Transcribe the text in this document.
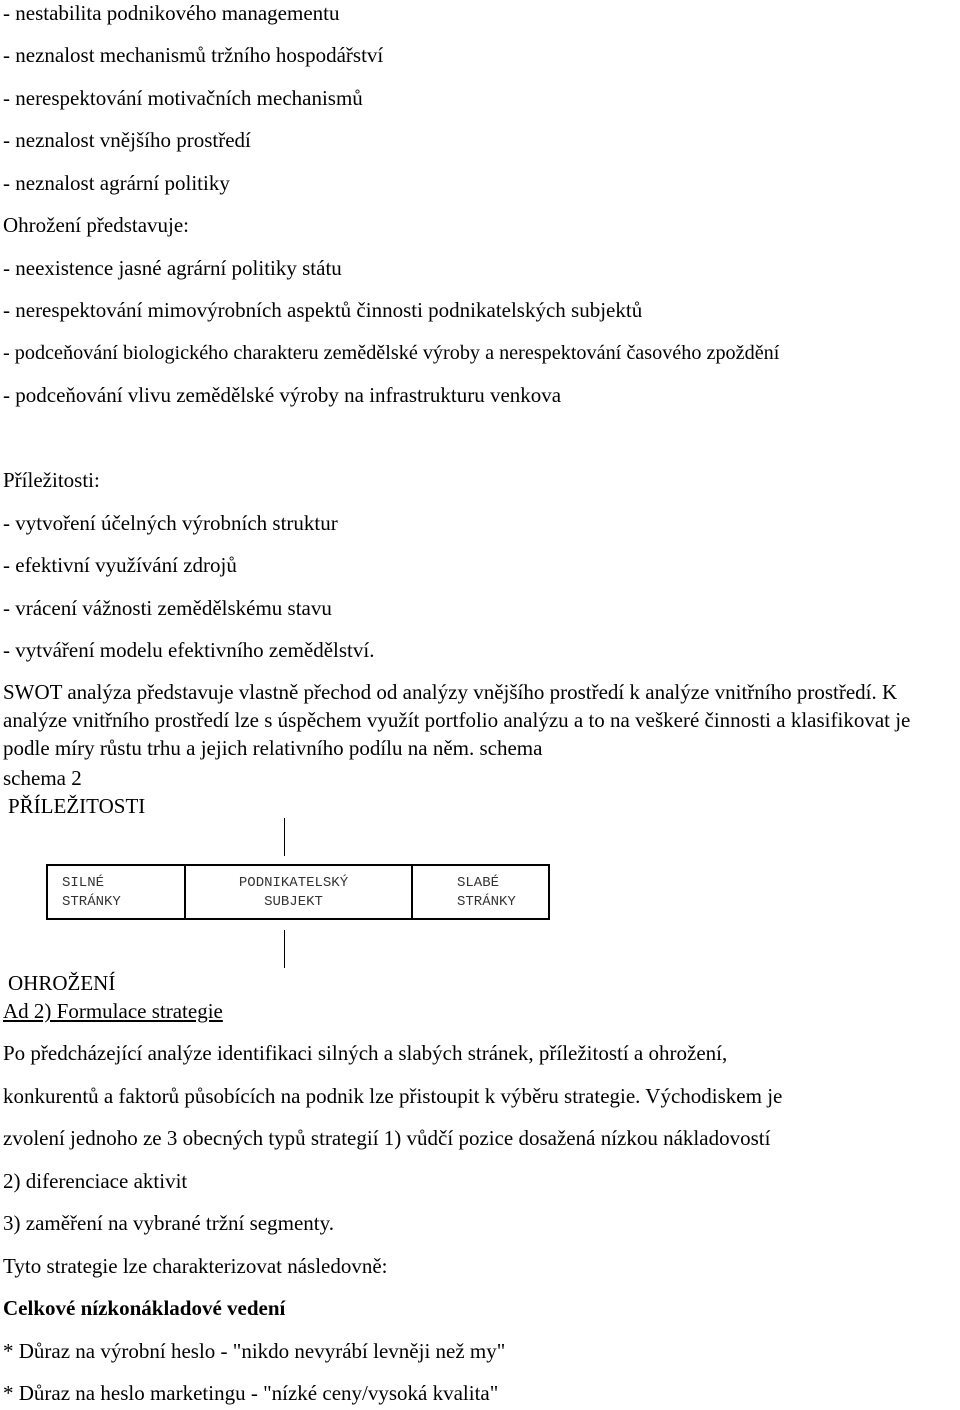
- nestabilita podnikového managementu
- neznalost mechanismů tržního hospodářství
- nerespektování motivačních mechanismů
- neznalost vnějšího prostředí
- neznalost agrární politiky
Ohrožení představuje:
- neexistence jasné agrární politiky státu
- nerespektování mimovýrobních aspektů činnosti podnikatelských subjektů
- podceňování biologického charakteru zemědělské výroby a nerespektování časového zpoždění
- podceňování vlivu zemědělské výroby na infrastrukturu venkova
Příležitosti:
- vytvoření účelných výrobních struktur
- efektivní využívání zdrojů
- vrácení vážnosti zemědělskému stavu
- vytváření modelu efektivního zemědělství.
SWOT analýza představuje vlastně přechod od analýzy vnějšího prostředí k analýze vnitřního prostředí. K analýze vnitřního prostředí lze s úspěchem využít portfolio analýzu a to na veškeré činnosti a klasifikovat je podle míry růstu trhu a jejich relativního podílu na něm. schema
schema 2
PŘÍLEŽITOSTI
SILNÉ
STRÁNKY
PODNIKATELSKÝ
SUBJEKT
SLABÉ
STRÁNKY
OHROŽENÍ
Ad 2) Formulace strategie
Po předcházející analýze identifikaci silných a slabých stránek, příležitostí a ohrožení,
konkurentů a faktorů působících na podnik lze přistoupit k výběru strategie. Východiskem je
zvolení jednoho ze 3 obecných typů strategií 1) vůdčí pozice dosažená nízkou nákladovostí
2) diferenciace aktivit
3) zaměření na vybrané tržní segmenty.
Tyto strategie lze charakterizovat následovně:
Celkové nízkonákladové vedení
* Důraz na výrobní heslo - "nikdo nevyrábí levněji než my"
* Důraz na heslo marketingu - "nízké ceny/vysoká kvalita"
